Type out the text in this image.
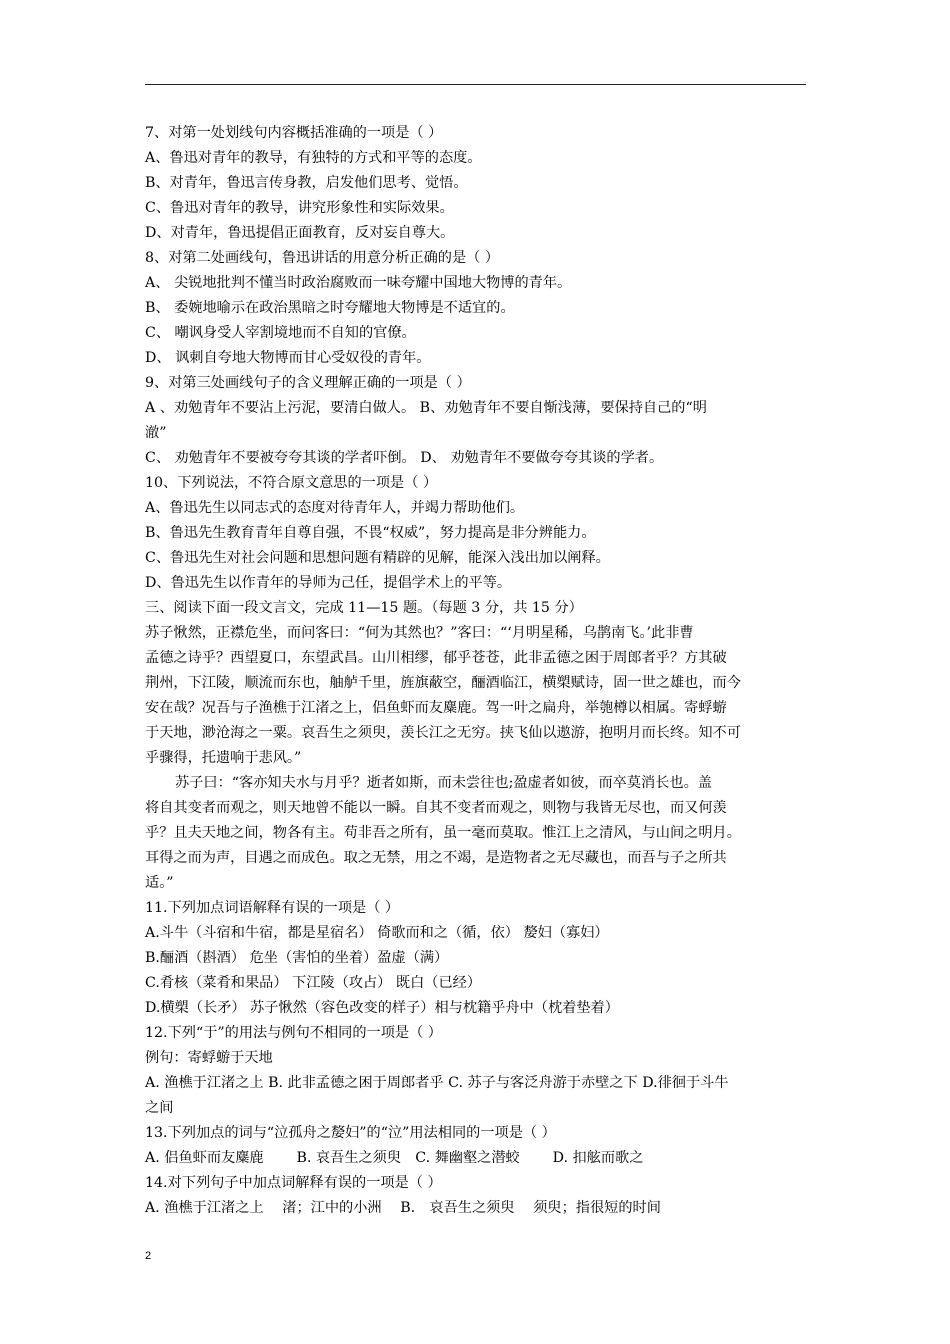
7、对第一处划线句内容概括准确的一项是（ ）
A、鲁迅对青年的教导，有独特的方式和平等的态度。
B、对青年，鲁迅言传身教，启发他们思考、觉悟。
C、鲁迅对青年的教导，讲究形象性和实际效果。
D、对青年，鲁迅提倡正面教育，反对妄自尊大。
8、对第二处画线句，鲁迅讲话的用意分析正确的是（ ）
A、 尖锐地批判不懂当时政治腐败而一味夸耀中国地大物博的青年。
B、 委婉地喻示在政治黑暗之时夸耀地大物博是不适宜的。
C、 嘲讽身受人宰割境地而不自知的官僚。
D、 讽刺自夸地大物博而甘心受奴役的青年。
9、对第三处画线句子的含义理解正确的一项是（ ）
A 、劝勉青年不要沾上污泥，要清白做人。 B、劝勉青年不要自惭浅薄，要保持自己的“明
澈”
C、 劝勉青年不要被夸夸其谈的学者吓倒。 D、 劝勉青年不要做夸夸其谈的学者。
10、下列说法，不符合原文意思的一项是（ ）
A、鲁迅先生以同志式的态度对待青年人，并竭力帮助他们。
B、鲁迅先生教育青年自尊自强，不畏“权威”，努力提高是非分辨能力。
C、鲁迅先生对社会问题和思想问题有精辟的见解，能深入浅出加以阐释。
D、鲁迅先生以作青年的导师为己任，提倡学术上的平等。
三、阅读下面一段文言文，完成 11—15 题。（每题 3 分，共 15 分）
苏子愀然，正襟危坐，而问客曰：“何为其然也？”客曰：“‘月明星稀，乌鹊南飞。’此非曹
孟德之诗乎？西望夏口，东望武昌。山川相缪，郁乎苍苍，此非孟德之困于周郎者乎？方其破
荆州，下江陵，顺流而东也，舳舻千里，旌旗蔽空，酾酒临江，横槊赋诗，固一世之雄也，而今
安在哉？况吾与子渔樵于江渚之上，侣鱼虾而友麋鹿。驾一叶之扁舟，举匏樽以相属。寄蜉蝣
于天地，渺沧海之一粟。哀吾生之须臾，羡长江之无穷。挟飞仙以遨游，抱明月而长终。知不可
乎骤得，托遗响于悲风。”
苏子曰：“客亦知夫水与月乎？逝者如斯，而未尝往也;盈虚者如彼，而卒莫消长也。盖
将自其变者而观之，则天地曾不能以一瞬。自其不变者而观之，则物与我皆无尽也，而又何羡
乎？且夫天地之间，物各有主。苟非吾之所有，虽一毫而莫取。惟江上之清风，与山间之明月。
耳得之而为声，目遇之而成色。取之无禁，用之不竭，是造物者之无尽藏也，而吾与子之所共
适。”
11.下列加点词语解释有误的一项是（ ）
A.斗牛（斗宿和牛宿，都是星宿名） 倚歌而和之（循，依） 嫠妇（寡妇）
B.酾酒（斟酒） 危坐（害怕的坐着）盈虚（满）
C.肴核（菜肴和果品） 下江陵（攻占） 既白（已经）
D.横槊（长矛） 苏子愀然（容色改变的样子）相与枕籍乎舟中（枕着垫着）
12.下列“于”的用法与例句不相同的一项是（ ）
例句：寄蜉蝣于天地
A. 渔樵于江渚之上 B. 此非孟德之困于周郎者乎 C. 苏子与客泛舟游于赤壁之下 D.徘徊于斗牛
之间
13.下列加点的词与“泣孤舟之嫠妇”的“泣”用法相同的一项是（ ）
A. 侣鱼虾而友麋鹿　　 B. 哀吾生之须臾　C. 舞幽壑之潜蛟　　 D. 扣舷而歌之
14.对下列句子中加点词解释有误的一项是（ ）
A. 渔樵于江渚之上　 渚；江中的小洲　 B． 哀吾生之须臾　 须臾；指很短的时间
2
